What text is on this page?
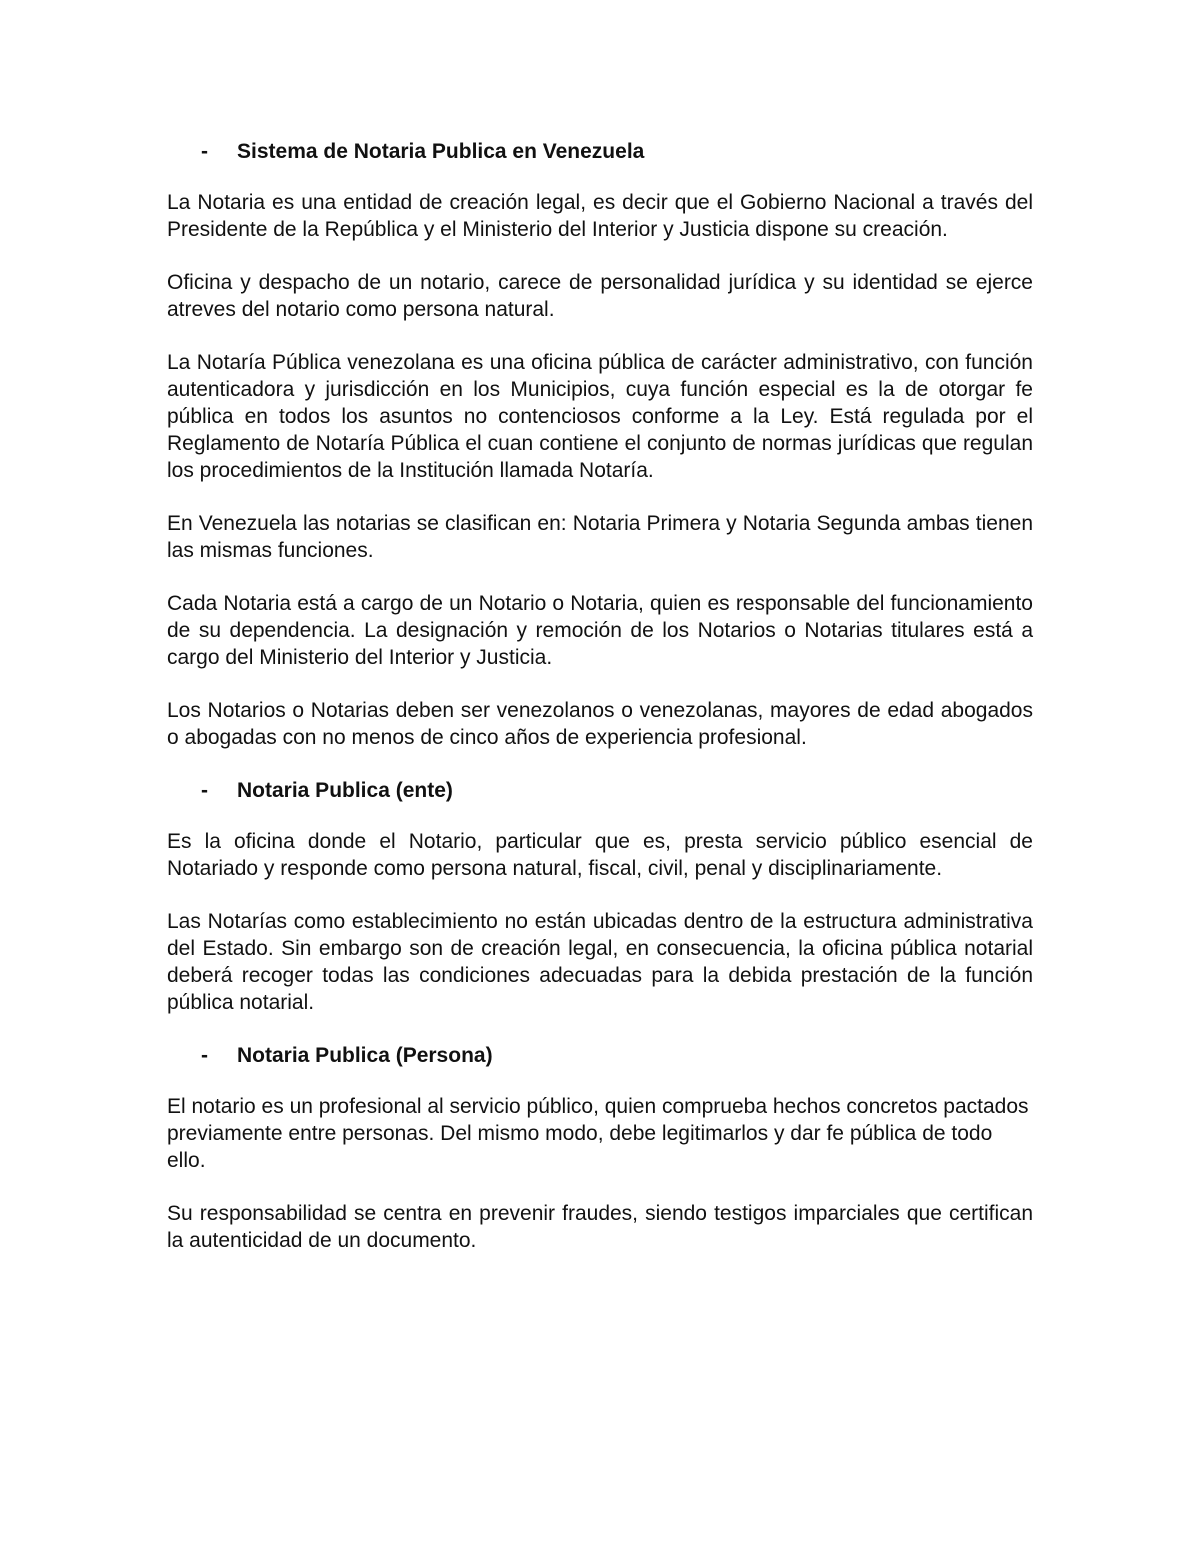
-	Sistema de Notaria Publica en Venezuela

La Notaria es una entidad de creación legal, es decir que el Gobierno Nacional a través del Presidente de la República y el Ministerio del Interior y Justicia dispone su creación.

Oficina y despacho de un notario, carece de personalidad jurídica y su identidad se ejerce atreves del notario como persona natural.

La Notaría Pública venezolana es una oficina pública de carácter administrativo, con función autenticadora y jurisdicción en los Municipios, cuya función especial es la de otorgar fe pública en todos los asuntos no contenciosos conforme a la Ley. Está regulada por el Reglamento de Notaría Pública el cuan contiene el conjunto de normas jurídicas que regulan los procedimientos de la Institución llamada Notaría.

En Venezuela las notarias se clasifican en: Notaria Primera y Notaria Segunda ambas tienen las mismas funciones.

Cada Notaria está a cargo de un Notario o Notaria, quien es responsable del funcionamiento de su dependencia. La designación y remoción de los Notarios o Notarias titulares está a cargo del Ministerio del Interior y Justicia.

Los Notarios o Notarias deben ser venezolanos o venezolanas, mayores de edad abogados o abogadas con no menos de cinco años de experiencia profesional.

-	Notaria Publica (ente)

Es la oficina donde el Notario, particular que es, presta servicio público esencial de Notariado y responde como persona natural, fiscal, civil, penal y disciplinariamente.

Las Notarías como establecimiento no están ubicadas dentro de la estructura administrativa del Estado. Sin embargo son de creación legal, en consecuencia, la oficina pública notarial deberá recoger todas las condiciones adecuadas para la debida prestación de la función pública notarial.

-	Notaria Publica (Persona)

El notario es un profesional al servicio público, quien comprueba hechos concretos pactados previamente entre personas. Del mismo modo, debe legitimarlos y dar fe pública de todo ello.

Su responsabilidad se centra en prevenir fraudes, siendo testigos imparciales que certifican la autenticidad de un documento.
